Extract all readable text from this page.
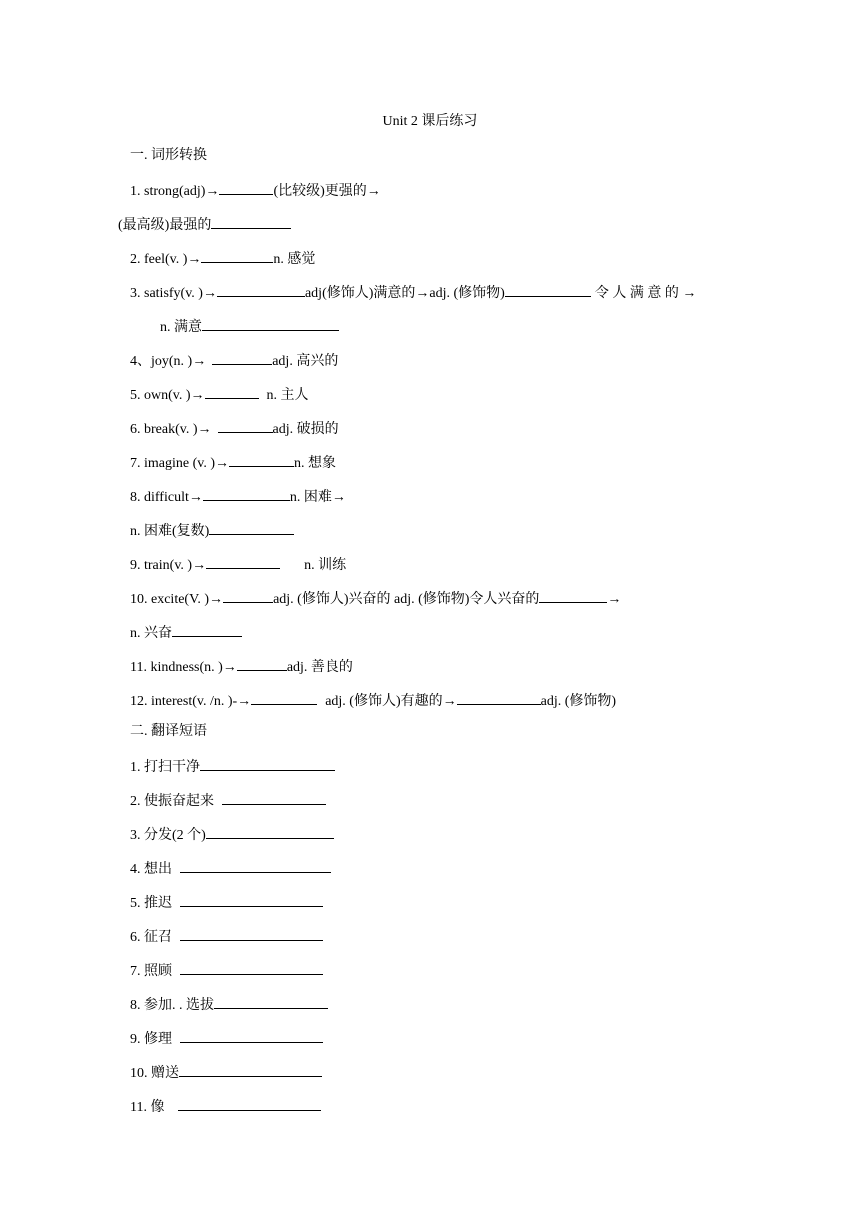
Unit 2 课后练习
一. 词形转换
1. strong(adj)→	(比较级)更强的→
(最高级)最强的
2. feel(v. )→	n. 感觉
3. satisfy(v. )→	adj(修饰人)满意的→adj. (修饰物)	令 人 满 意 的 →
n. 满意
4、joy(n. )→	adj. 高兴的
5. own(v. )→	n. 主人
6. break(v. )→	adj. 破损的
7. imagine (v. )→	n. 想象
8. difficult→	n. 困难→
n. 困难(复数)
9. train(v. )→	n. 训练
10. excite(V. )→	adj. (修饰人)兴奋的 adj. (修饰物)令人兴奋的	→
n. 兴奋
11. kindness(n. )→	adj. 善良的
12. interest(v. /n. )-→	adj. (修饰人)有趣的→	adj. (修饰物)
二. 翻译短语
1. 打扫干净
2. 使振奋起来
3. 分发(2 个)
4. 想出
5. 推迟
6. 征召
7. 照顾
8. 参加. . 选拔
9. 修理
10. 赠送
11. 像
